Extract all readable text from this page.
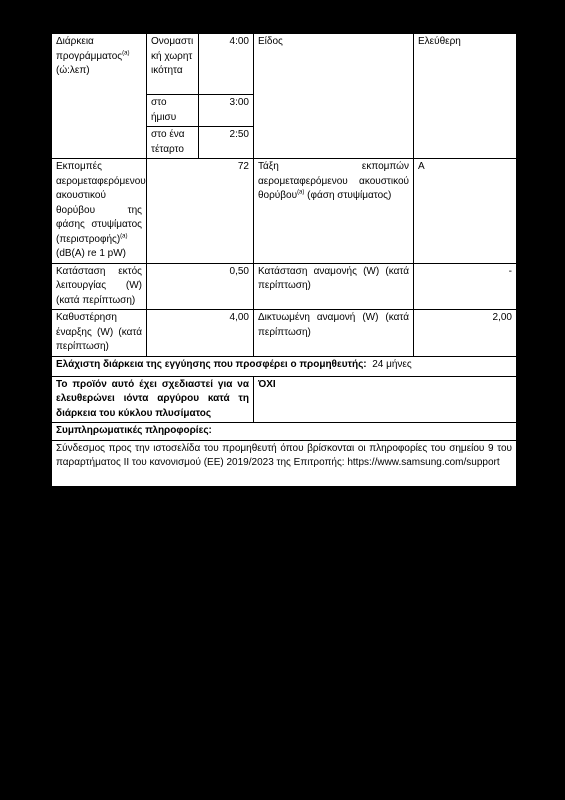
Διάρκεια προγράμματος$^{(a)}$ (ώ:λεπ)	Ονομαστική χωρητικότητα	4:00	Είδος	Ελεύθερη
	στο ήμισυ	3:00		
	στο ένα τέταρτο	2:50		
Εκπομπές αερομεταφερόμενου ακουστικού θορύβου της φάσης στυψίματος $(\pi\varepsilon\rho\iota\sigma\tau\rho o\varphi ή\varsigma)^{(a)}$ (dB(A) re 1 pW)	72		Τάξη εκπομπών αερομεταφερόμενου ακουστικού θορύβου$^{(a)}$ (φάση στυψίματος)	A
Κατάσταση εκτός λειτουργίας (W) (κατά περίπτωση)	0,50		Κατάσταση αναμονής (W) (κατά περίπτωση)	-
Καθυστέρηση έναρξης (W) (κατά περίπτωση)	4,00		Δικτυωμένη αναμονή (W) (κατά περίπτωση)	2,00
Ελάχιστη διάρκεια της εγγύησης που προσφέρει ο προμηθευτής: 24 μήνες				
Το προϊόν αυτό έχει σχεδιαστεί για να ελευθερώνει ιόντα αργύρου κατά τη διάρκεια του κύκλου πλυσίματος			ΌΧΙ	
Συμπληρωματικές πληροφορίες:				
Σύνδεσμος προς την ιστοσελίδα του προμηθευτή όπου βρίσκονται οι πληροφορίες του σημείου 9 του παραρτήματος ΙΙ του κανονισμού (ΕΕ) 2019/2023 της Επιτροπής: https://www.samsung.com/support				
